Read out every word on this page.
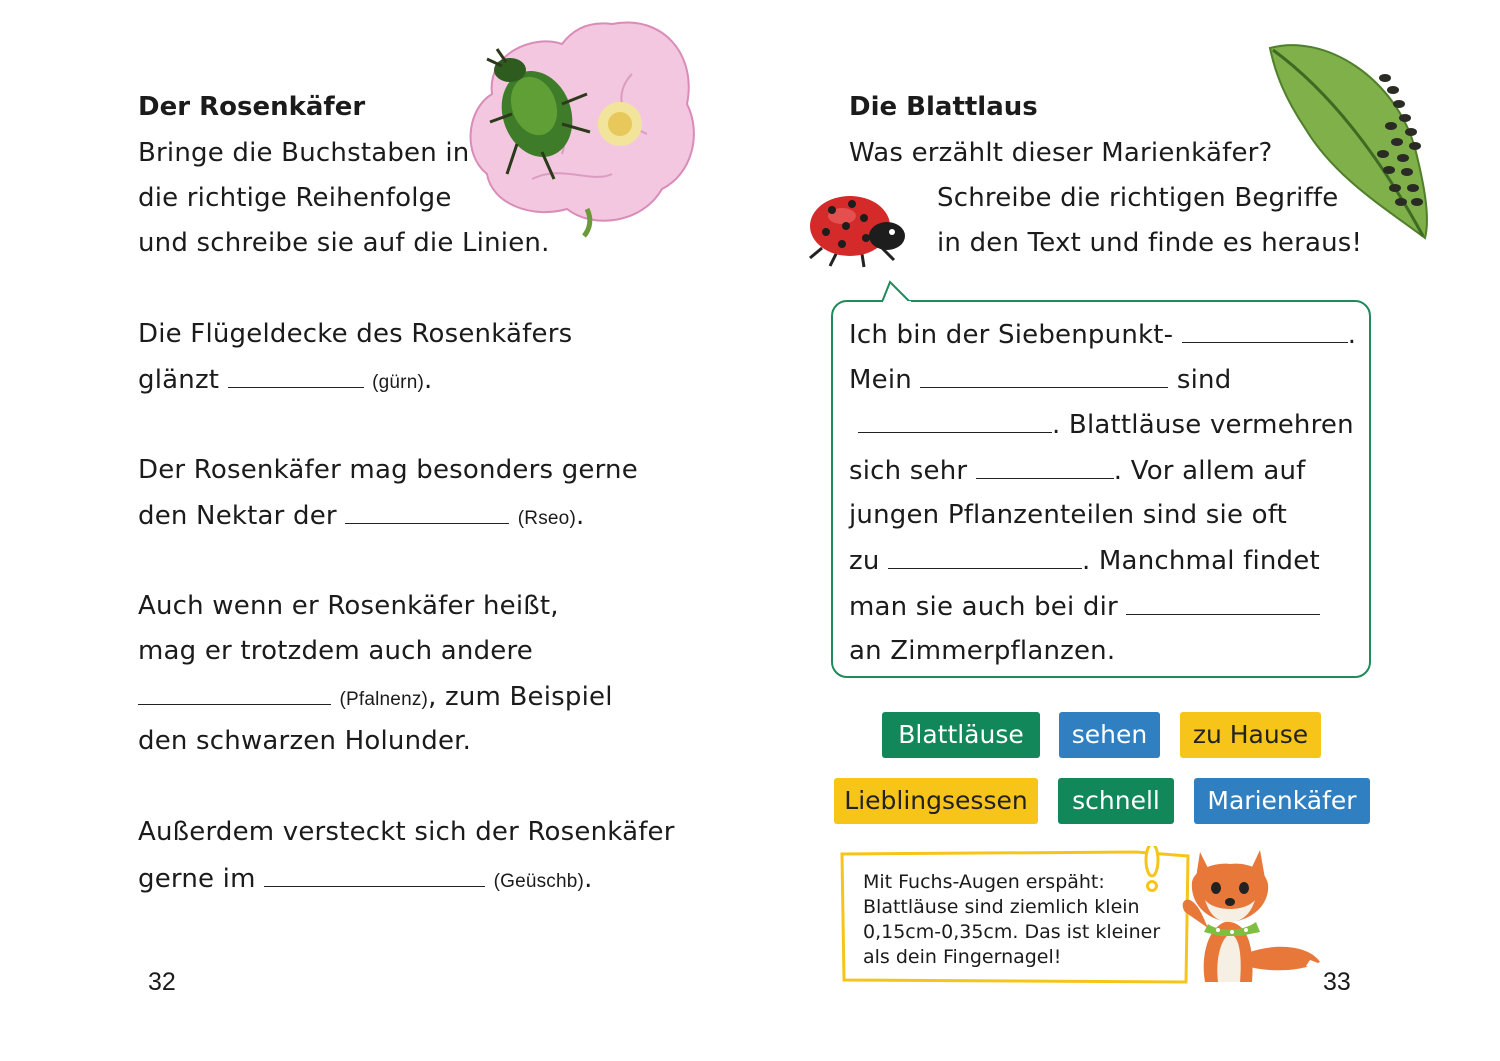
Der Rosenkäfer
Bringe die Buchstaben in
die richtige Reihenfolge
und schreibe sie auf die Linien.
Die Flügeldecke des Rosenkäfers
glänzt	(gürn).
Der Rosenkäfer mag besonders gerne
den Nektar der	(Rseo).
Auch wenn er Rosenkäfer heißt,
mag er trotzdem auch andere
(Pfalnenz), zum Beispiel
den schwarzen Holunder.
Außerdem versteckt sich der Rosenkäfer
gerne im	(Geüschb).
32
Die Blattlaus
Was erzählt dieser Marienkäfer?
Schreibe die richtigen Begriffe
in den Text und finde es heraus!
Ich bin der Siebenpunkt-	.
Mein	sind
. Blattläuse vermehren
sich sehr	. Vor allem auf
jungen Pflanzenteilen sind sie oft
zu	. Manchmal findet
man sie auch bei dir
an Zimmerpflanzen.
Blattläuse	sehen	zu Hause
Lieblingsessen	schnell	Marienkäfer
Mit Fuchs-Augen erspäht:
Blattläuse sind ziemlich klein
0,15cm-0,35cm. Das ist kleiner
als dein Fingernagel!
33
